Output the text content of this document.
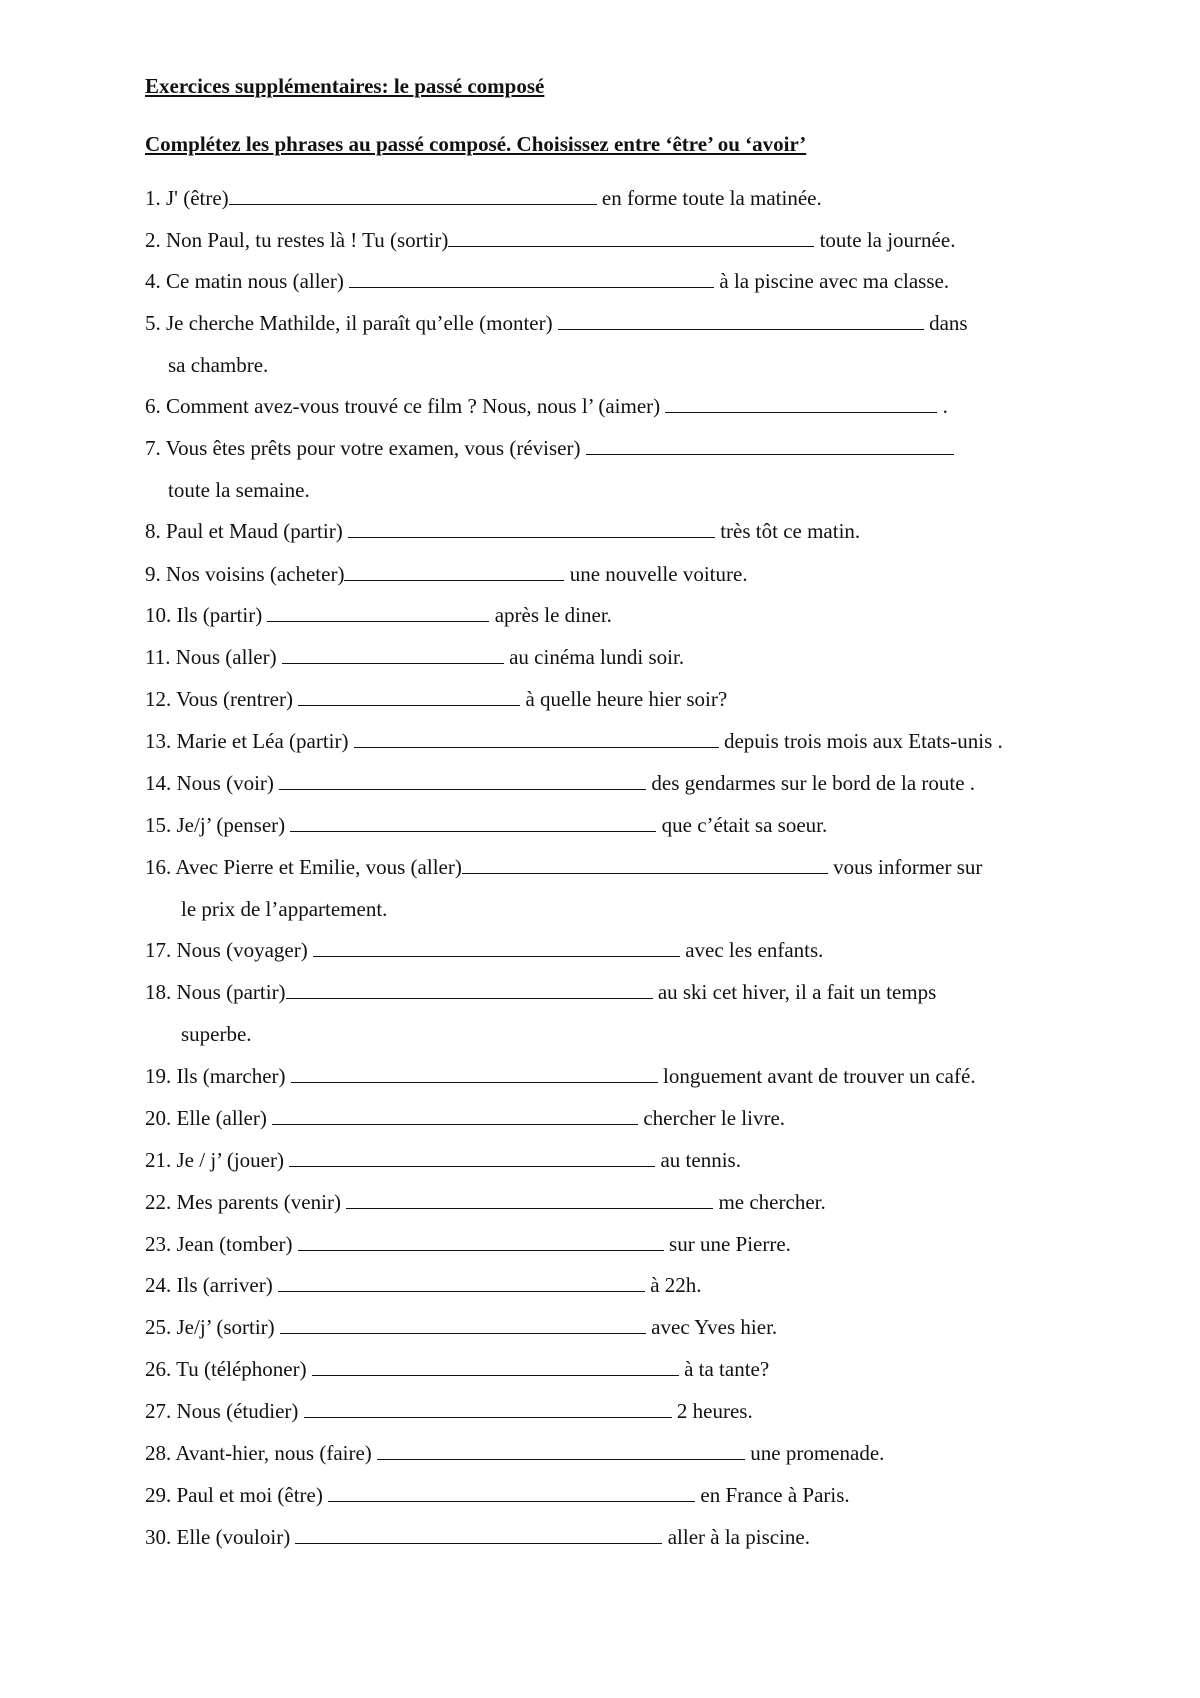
Exercices supplémentaires: le passé composé
Complétez les phrases au passé composé. Choisissez entre ‘être’ ou ‘avoir’
1. J' (être)	en forme toute la matinée.
2. Non Paul, tu restes là ! Tu (sortir)	toute la journée.
4. Ce matin nous (aller)	à la piscine avec ma classe.
5. Je cherche Mathilde, il paraît qu’elle (monter)	dans
sa chambre.
6. Comment avez-vous trouvé ce film ? Nous, nous l’ (aimer)	.
7. Vous êtes prêts pour votre examen, vous (réviser)
toute la semaine.
8. Paul et Maud (partir)	très tôt ce matin.
9. Nos voisins (acheter)	une nouvelle voiture.
10. Ils (partir)	après le diner.
11. Nous (aller)	au cinéma lundi soir.
12. Vous (rentrer)	à quelle heure hier soir?
13. Marie et Léa (partir)	depuis trois mois aux Etats-unis .
14. Nous (voir)	des gendarmes sur le bord de la route .
15. Je/j’ (penser)	que c’était sa soeur.
16. Avec Pierre et Emilie, vous (aller)	vous informer sur
le prix de l’appartement.
17. Nous (voyager)	avec les enfants.
18. Nous (partir)	au ski cet hiver, il a fait un temps
superbe.
19. Ils (marcher)	longuement avant de trouver un café.
20. Elle (aller)	chercher le livre.
21. Je / j’ (jouer)	au tennis.
22. Mes parents (venir)	me chercher.
23. Jean (tomber)	sur une Pierre.
24. Ils (arriver)	à 22h.
25. Je/j’ (sortir)	avec Yves hier.
26. Tu (téléphoner)	à ta tante?
27. Nous (étudier)	2 heures.
28. Avant-hier, nous (faire)	une promenade.
29. Paul et moi (être)	en France à Paris.
30. Elle (vouloir)	aller à la piscine.
